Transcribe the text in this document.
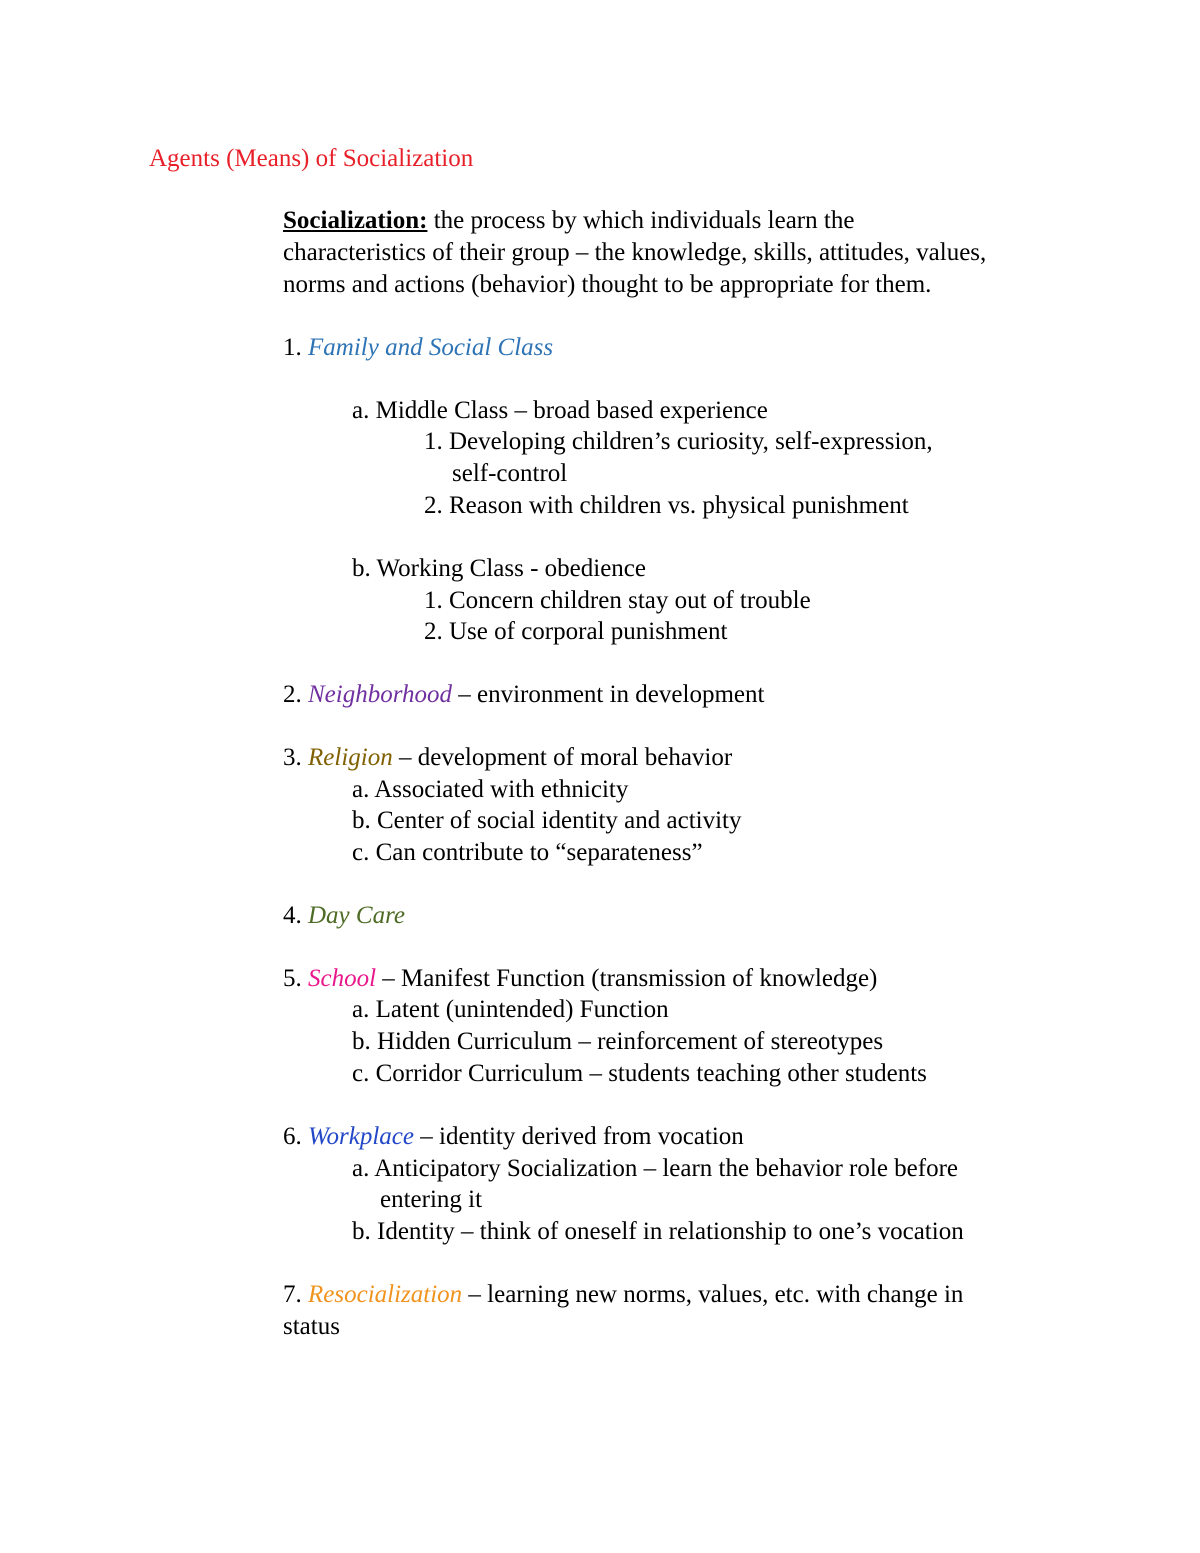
Agents (Means) of Socialization
Socialization: the process by which individuals learn the
characteristics of their group – the knowledge, skills, attitudes, values,
norms and actions (behavior) thought to be appropriate for them.
1. Family and Social Class
a. Middle Class – broad based experience
1. Developing children’s curiosity, self-expression,
self-control
2. Reason with children vs. physical punishment
b. Working Class - obedience
1. Concern children stay out of trouble
2. Use of corporal punishment
2. Neighborhood – environment in development
3. Religion – development of moral behavior
a. Associated with ethnicity
b. Center of social identity and activity
c. Can contribute to “separateness”
4. Day Care
5. School – Manifest Function (transmission of knowledge)
a. Latent (unintended) Function
b. Hidden Curriculum – reinforcement of stereotypes
c. Corridor Curriculum – students teaching other students
6. Workplace – identity derived from vocation
a. Anticipatory Socialization – learn the behavior role before
entering it
b. Identity – think of oneself in relationship to one’s vocation
7. Resocialization – learning new norms, values, etc. with change in
status
